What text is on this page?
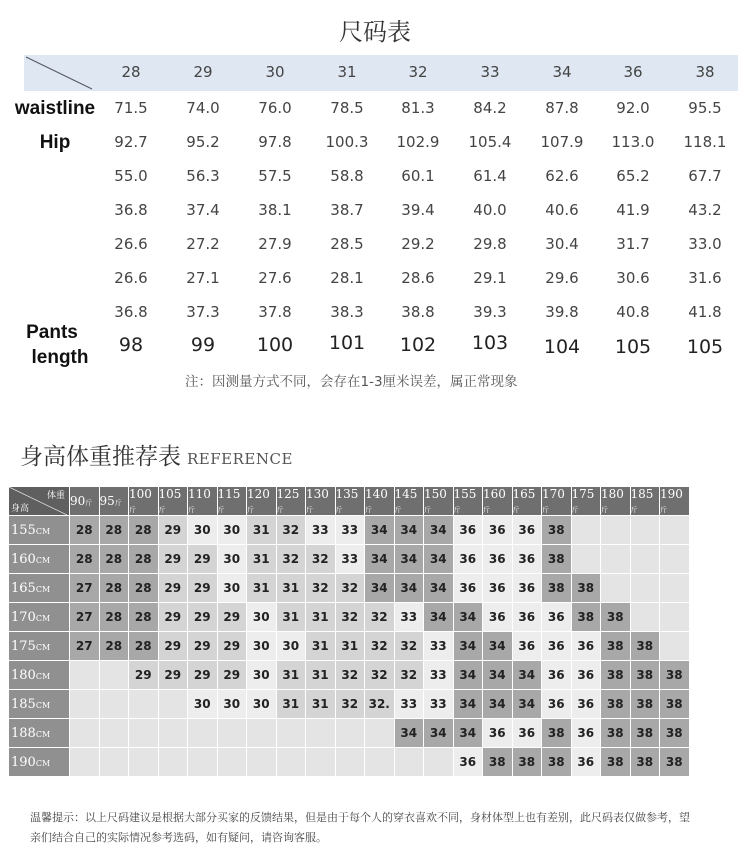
尺码表
28	29	30	31	32	33	34	36	38
waistline	71.5	74.0	76.0	78.5	81.3	84.2	87.8	92.0	95.5
Hip	92.7	95.2	97.8	100.3	102.9	105.4	107.9	113.0	118.1
55.0	56.3	57.5	58.8	60.1	61.4	62.6	65.2	67.7
36.8	37.4	38.1	38.7	39.4	40.0	40.6	41.9	43.2
26.6	27.2	27.9	28.5	29.2	29.8	30.4	31.7	33.0
26.6	27.1	27.6	28.1	28.6	29.1	29.6	30.6	31.6
36.8	37.3	37.8	38.3	38.8	39.3	39.8	40.8	41.8
Pants
length
98	99	100	101	102	103	104	105	105
注：因测量方式不同，会存在1-3厘米误差，属正常现象
身高体重推荐表 REFERENCE
体重
身高	90斤	95斤	100斤	105斤	110斤	115斤	120斤	125斤	130斤	135斤	140斤	145斤	150斤	155斤	160斤	165斤	170斤	175斤	180斤	185斤	190斤
155CM	28	28	28	29	30	30	31	32	33	33	34	34	34	36	36	36	38				
160CM	28	28	28	29	29	30	31	32	32	33	34	34	34	36	36	36	38				
165CM	27	28	28	29	29	30	31	31	32	32	34	34	34	36	36	36	38	38			
170CM	27	28	28	29	29	29	30	31	31	32	32	33	34	34	36	36	36	38	38		
175CM	27	28	28	29	29	29	30	30	31	31	32	32	33	34	34	36	36	36	38	38	
180CM			29	29	29	29	30	31	31	32	32	32	33	34	34	34	36	36	38	38	38
185CM					30	30	30	31	31	32	32.	33	33	34	34	34	36	36	38	38	38
188CM												34	34	34	36	36	38	36	38	38	38
190CM														36	38	38	38	36	38	38	38
温馨提示：以上尺码建议是根据大部分买家的反馈结果，但是由于每个人的穿衣喜欢不同，身材体型上也有差别，此尺码表仅做参考，望
亲们结合自己的实际情况参考选码，如有疑问，请咨询客服。
